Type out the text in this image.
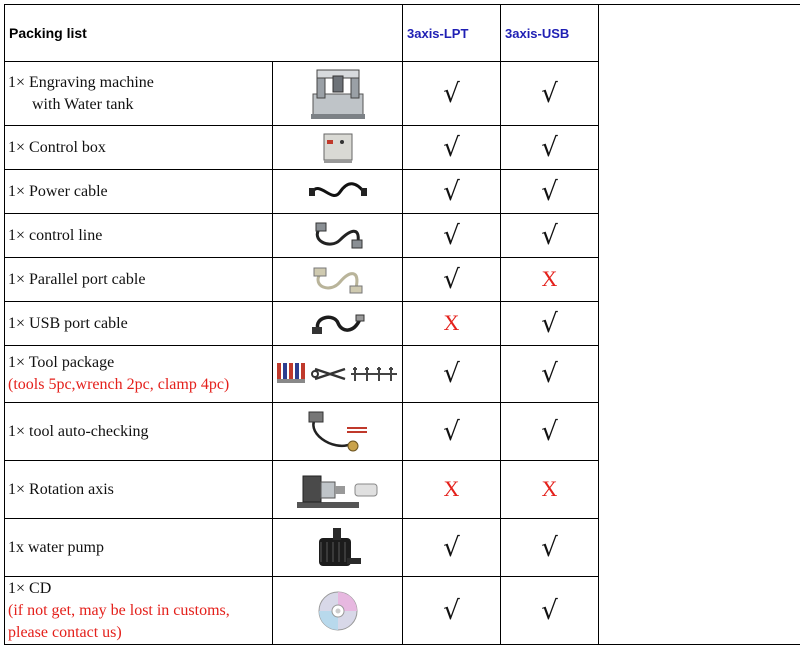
Packing list		3axis-LPT	3axis-USB	

1× Engraving machine
with Water tank		√	√	

1× Control box		√	√	

1× Power cable		√	√	

1× control line		√	√	

1× Parallel port cable		√	X	

1× USB port cable		X	√	

1× Tool package
(tools 5pc,wrench 2pc, clamp 4pc)		√	√	

1× tool auto-checking		√	√	

1× Rotation axis		X	X	

1x water pump		√	√	

1× CD
(if not get, may be lost in customs,
please contact us)		√	√	
